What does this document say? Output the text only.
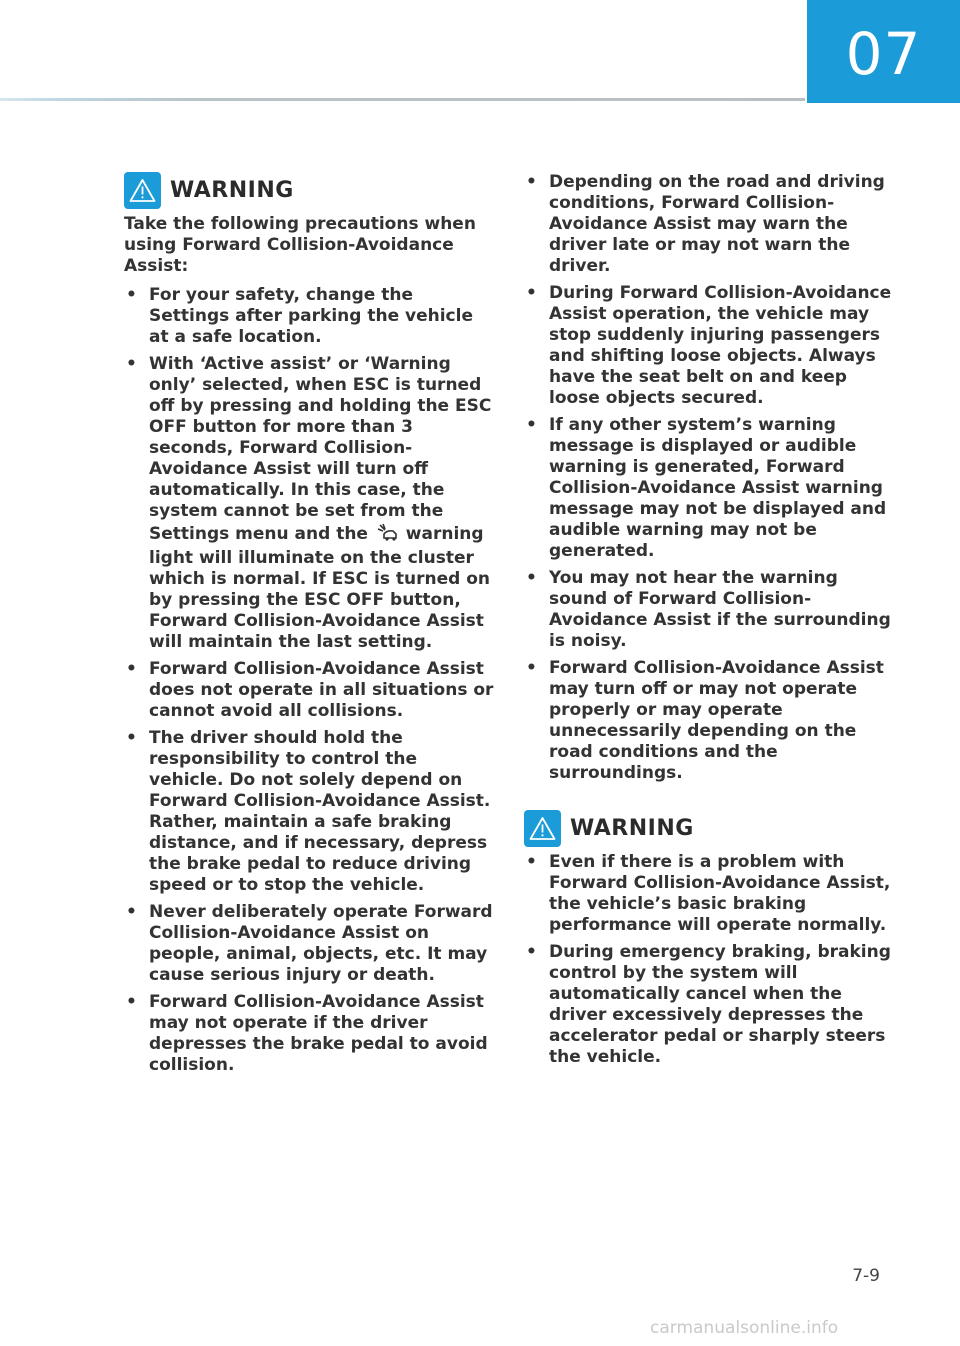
07
WARNING

Take the following precautions when using Forward Collision-Avoidance Assist:

• For your safety, change the Settings after parking the vehicle at a safe location.
• With ‘Active assist’ or ‘Warning only’ selected, when ESC is turned off by pressing and holding the ESC OFF button for more than 3 seconds, Forward Collision-Avoidance Assist will turn off automatically. In this case, the system cannot be set from the Settings menu and the warning light will illuminate on the cluster which is normal. If ESC is turned on by pressing the ESC OFF button, Forward Collision-Avoidance Assist will maintain the last setting.
• Forward Collision-Avoidance Assist does not operate in all situations or cannot avoid all collisions.
• The driver should hold the responsibility to control the vehicle. Do not solely depend on Forward Collision-Avoidance Assist. Rather, maintain a safe braking distance, and if necessary, depress the brake pedal to reduce driving speed or to stop the vehicle.
• Never deliberately operate Forward Collision-Avoidance Assist on people, animal, objects, etc. It may cause serious injury or death.
• Forward Collision-Avoidance Assist may not operate if the driver depresses the brake pedal to avoid collision.
• Depending on the road and driving conditions, Forward Collision-Avoidance Assist may warn the driver late or may not warn the driver.
• During Forward Collision-Avoidance Assist operation, the vehicle may stop suddenly injuring passengers and shifting loose objects. Always have the seat belt on and keep loose objects secured.
• If any other system’s warning message is displayed or audible warning is generated, Forward Collision-Avoidance Assist warning message may not be displayed and audible warning may not be generated.
• You may not hear the warning sound of Forward Collision-Avoidance Assist if the surrounding is noisy.
• Forward Collision-Avoidance Assist may turn off or may not operate properly or may operate unnecessarily depending on the road conditions and the surroundings.
WARNING
• Even if there is a problem with Forward Collision-Avoidance Assist, the vehicle’s basic braking performance will operate normally.
• During emergency braking, braking control by the system will automatically cancel when the driver excessively depresses the accelerator pedal or sharply steers the vehicle.
7-9
carmanualsonline.info
